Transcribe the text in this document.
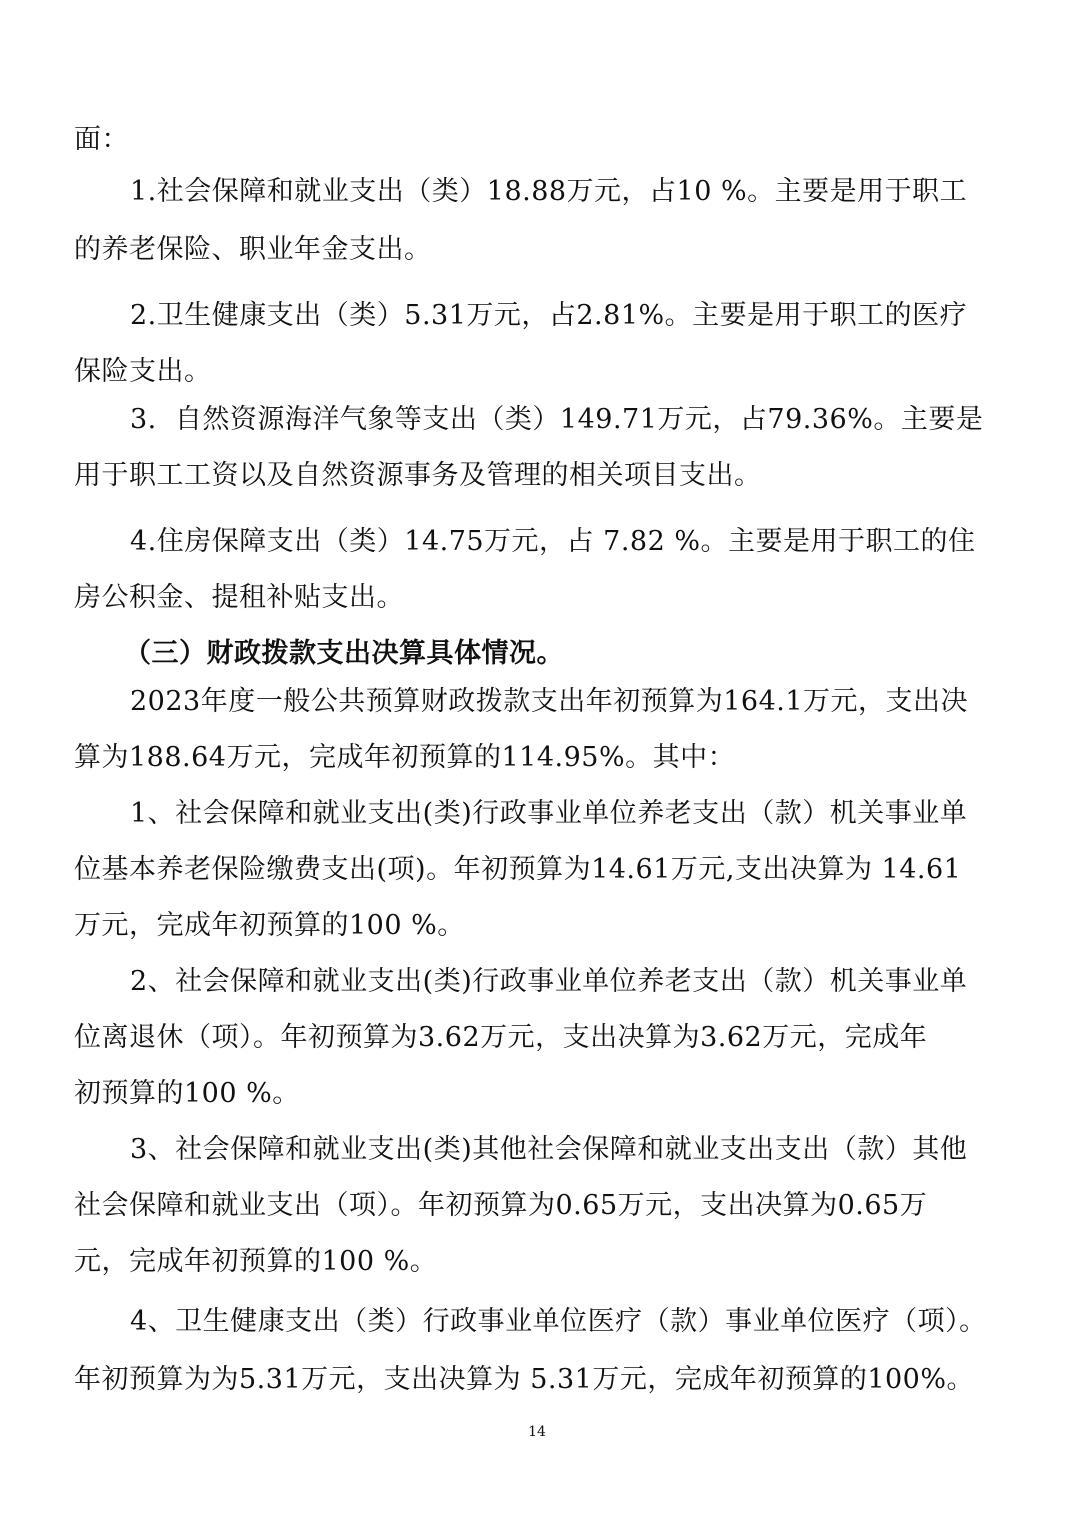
面：
1.社会保障和就业支出（类）18.88万元，占10 %。主要是用于职工
的养老保险、职业年金支出。
2.卫生健康支出（类）5.31万元，占2.81%。主要是用于职工的医疗
保险支出。
3.  自然资源海洋气象等支出（类）149.71万元，占79.36%。主要是
用于职工工资以及自然资源事务及管理的相关项目支出。
4.住房保障支出（类）14.75万元，占 7.82 %。主要是用于职工的住
房公积金、提租补贴支出。
（三）财政拨款支出决算具体情况。
2023年度一般公共预算财政拨款支出年初预算为164.1万元，支出决
算为188.64万元，完成年初预算的114.95%。其中：
1、社会保障和就业支出(类)行政事业单位养老支出（款）机关事业单
位基本养老保险缴费支出(项)。年初预算为14.61万元,支出决算为 14.61
万元，完成年初预算的100 %。
2、社会保障和就业支出(类)行政事业单位养老支出（款）机关事业单
位离退休（项）。年初预算为3.62万元，支出决算为3.62万元，完成年
初预算的100 %。
3、社会保障和就业支出(类)其他社会保障和就业支出支出（款）其他
社会保障和就业支出（项）。年初预算为0.65万元，支出决算为0.65万
元，完成年初预算的100 %。
4、卫生健康支出（类）行政事业单位医疗（款）事业单位医疗（项）。
年初预算为为5.31万元，支出决算为 5.31万元，完成年初预算的100%。
14
